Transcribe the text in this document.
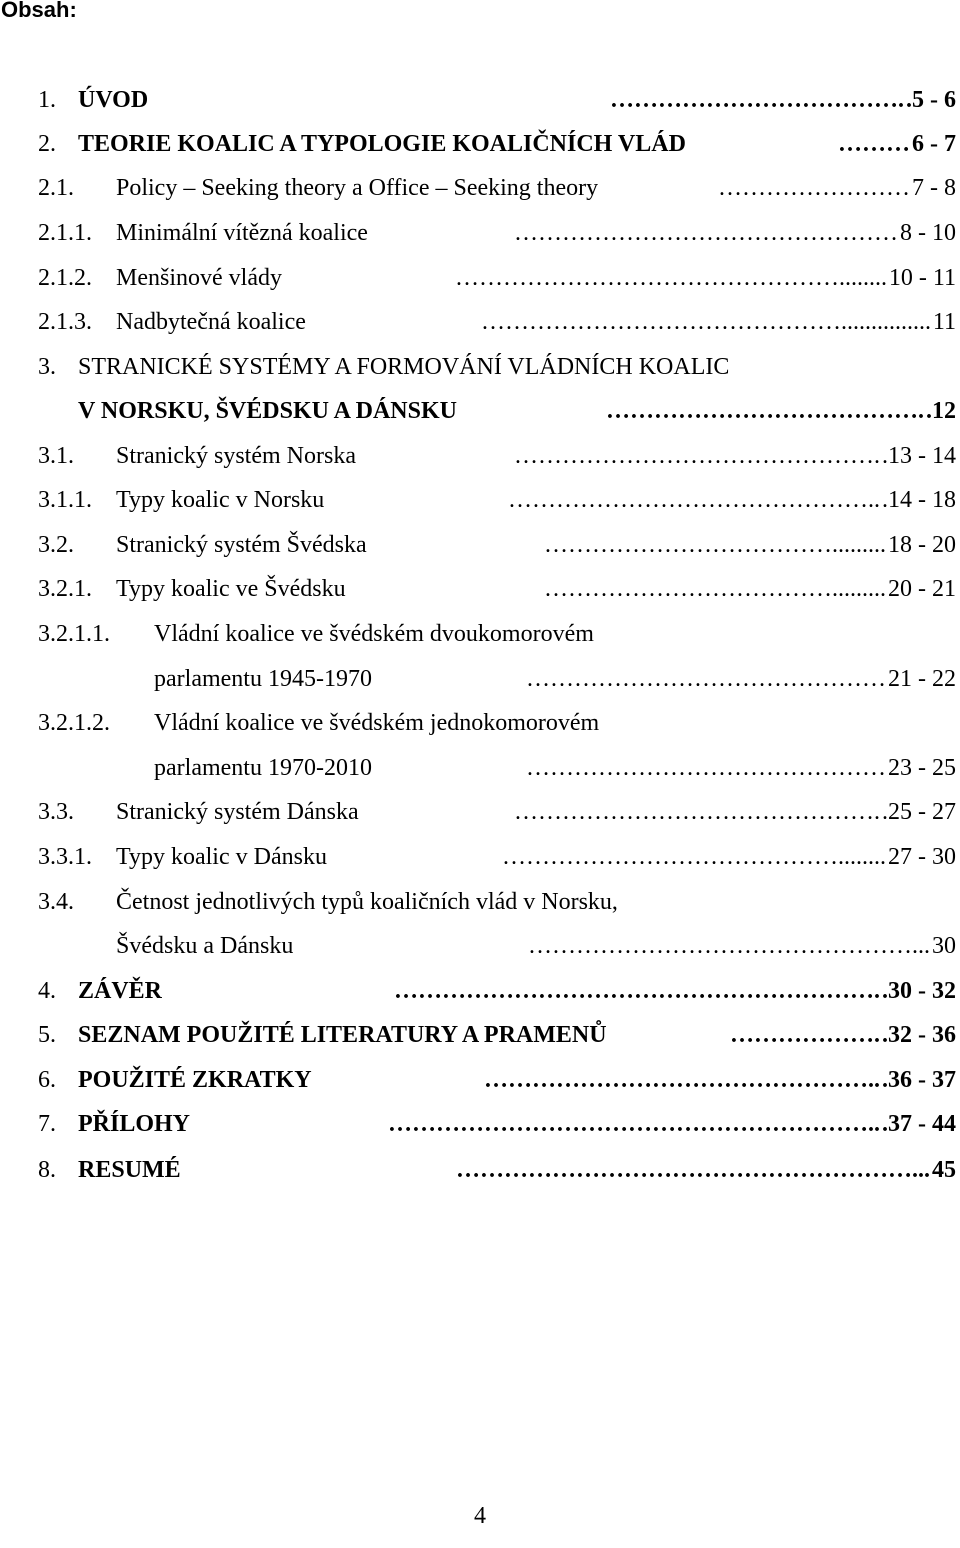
Obsah:
1. ÚVOD	.5 - 6
……………………………….
2. TEORIE KOALIC A TYPOLOGIE KOALIČNÍCH VLÁD	6 - 7
………
2.1. Policy – Seeking theory a Office – Seeking theory	7 - 8
……………………
2.1.1. Minimální vítězná koalice	8 - 10
…………………………………………
2.1.2. Menšinové vlády	10 - 11
…………………………………………........
2.1.3. Nadbytečná koalice	11
………………………………………...............
3. STRANICKÉ SYSTÉMY A FORMOVÁNÍ VLÁDNÍCH KOALIC
V NORSKU, ŠVÉDSKU A DÁNSKU	.12
………………………………….
3.1. Stranický systém Norska	.13 - 14
……………………………………….
3.1.1. Typy koalic v Norsku	.14 - 18
………………………………………..
3.2. Stranický systém Švédska	18 - 20
……………………………….........
3.2.1. Typy koalic ve Švédsku	20 - 21
……………………………….........
3.2.1.1. Vládní koalice ve švédském dvoukomorovém
parlamentu 1945-1970	21 - 22
………………………………………
3.2.1.2. Vládní koalice ve švédském jednokomorovém
parlamentu 1970-2010	23 - 25
………………………………………
3.3. Stranický systém Dánska	.25 - 27
……………………………………….
3.3.1. Typy koalic v Dánsku	27 - 30
……………………………………........
3.4. Četnost jednotlivých typů koaličních vlád v Norsku,
Švédsku a Dánsku	30
…………………………………………...
4. ZÁVĚR	.30 - 32
…………………………………………………….
5. SEZNAM POUŽITÉ LITERATURY A PRAMENŮ	.32 - 36
……………….
6. POUŽITÉ ZKRATKY	.36 - 37
…………………………………………..
7. PŘÍLOHY	.37 - 44
……………………………………………………..
8. RESUMÉ	45
…………………………………………………...
4
